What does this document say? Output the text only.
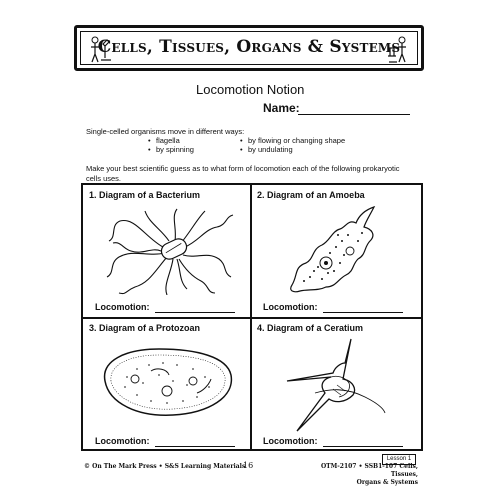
Cells, Tissues, Organs & Systems
Locomotion Notion
Name:
Single-celled organisms move in different ways:
• flagella
• by spinning
• by flowing or changing shape
• by undulating
Make your best scientific guess as to what form of locomotion each of the following prokaryotic cells uses.
1. Diagram of a Bacterium
Locomotion:
2. Diagram of an Amoeba
Locomotion:
3. Diagram of a Protozoan
Locomotion:
4. Diagram of a Ceratium
Locomotion:
Lesson 1
© On The Mark Press • S&S Learning Materials
16	OTM-2107 • SSB1-107 Cells, Tissues,
Organs & Systems
